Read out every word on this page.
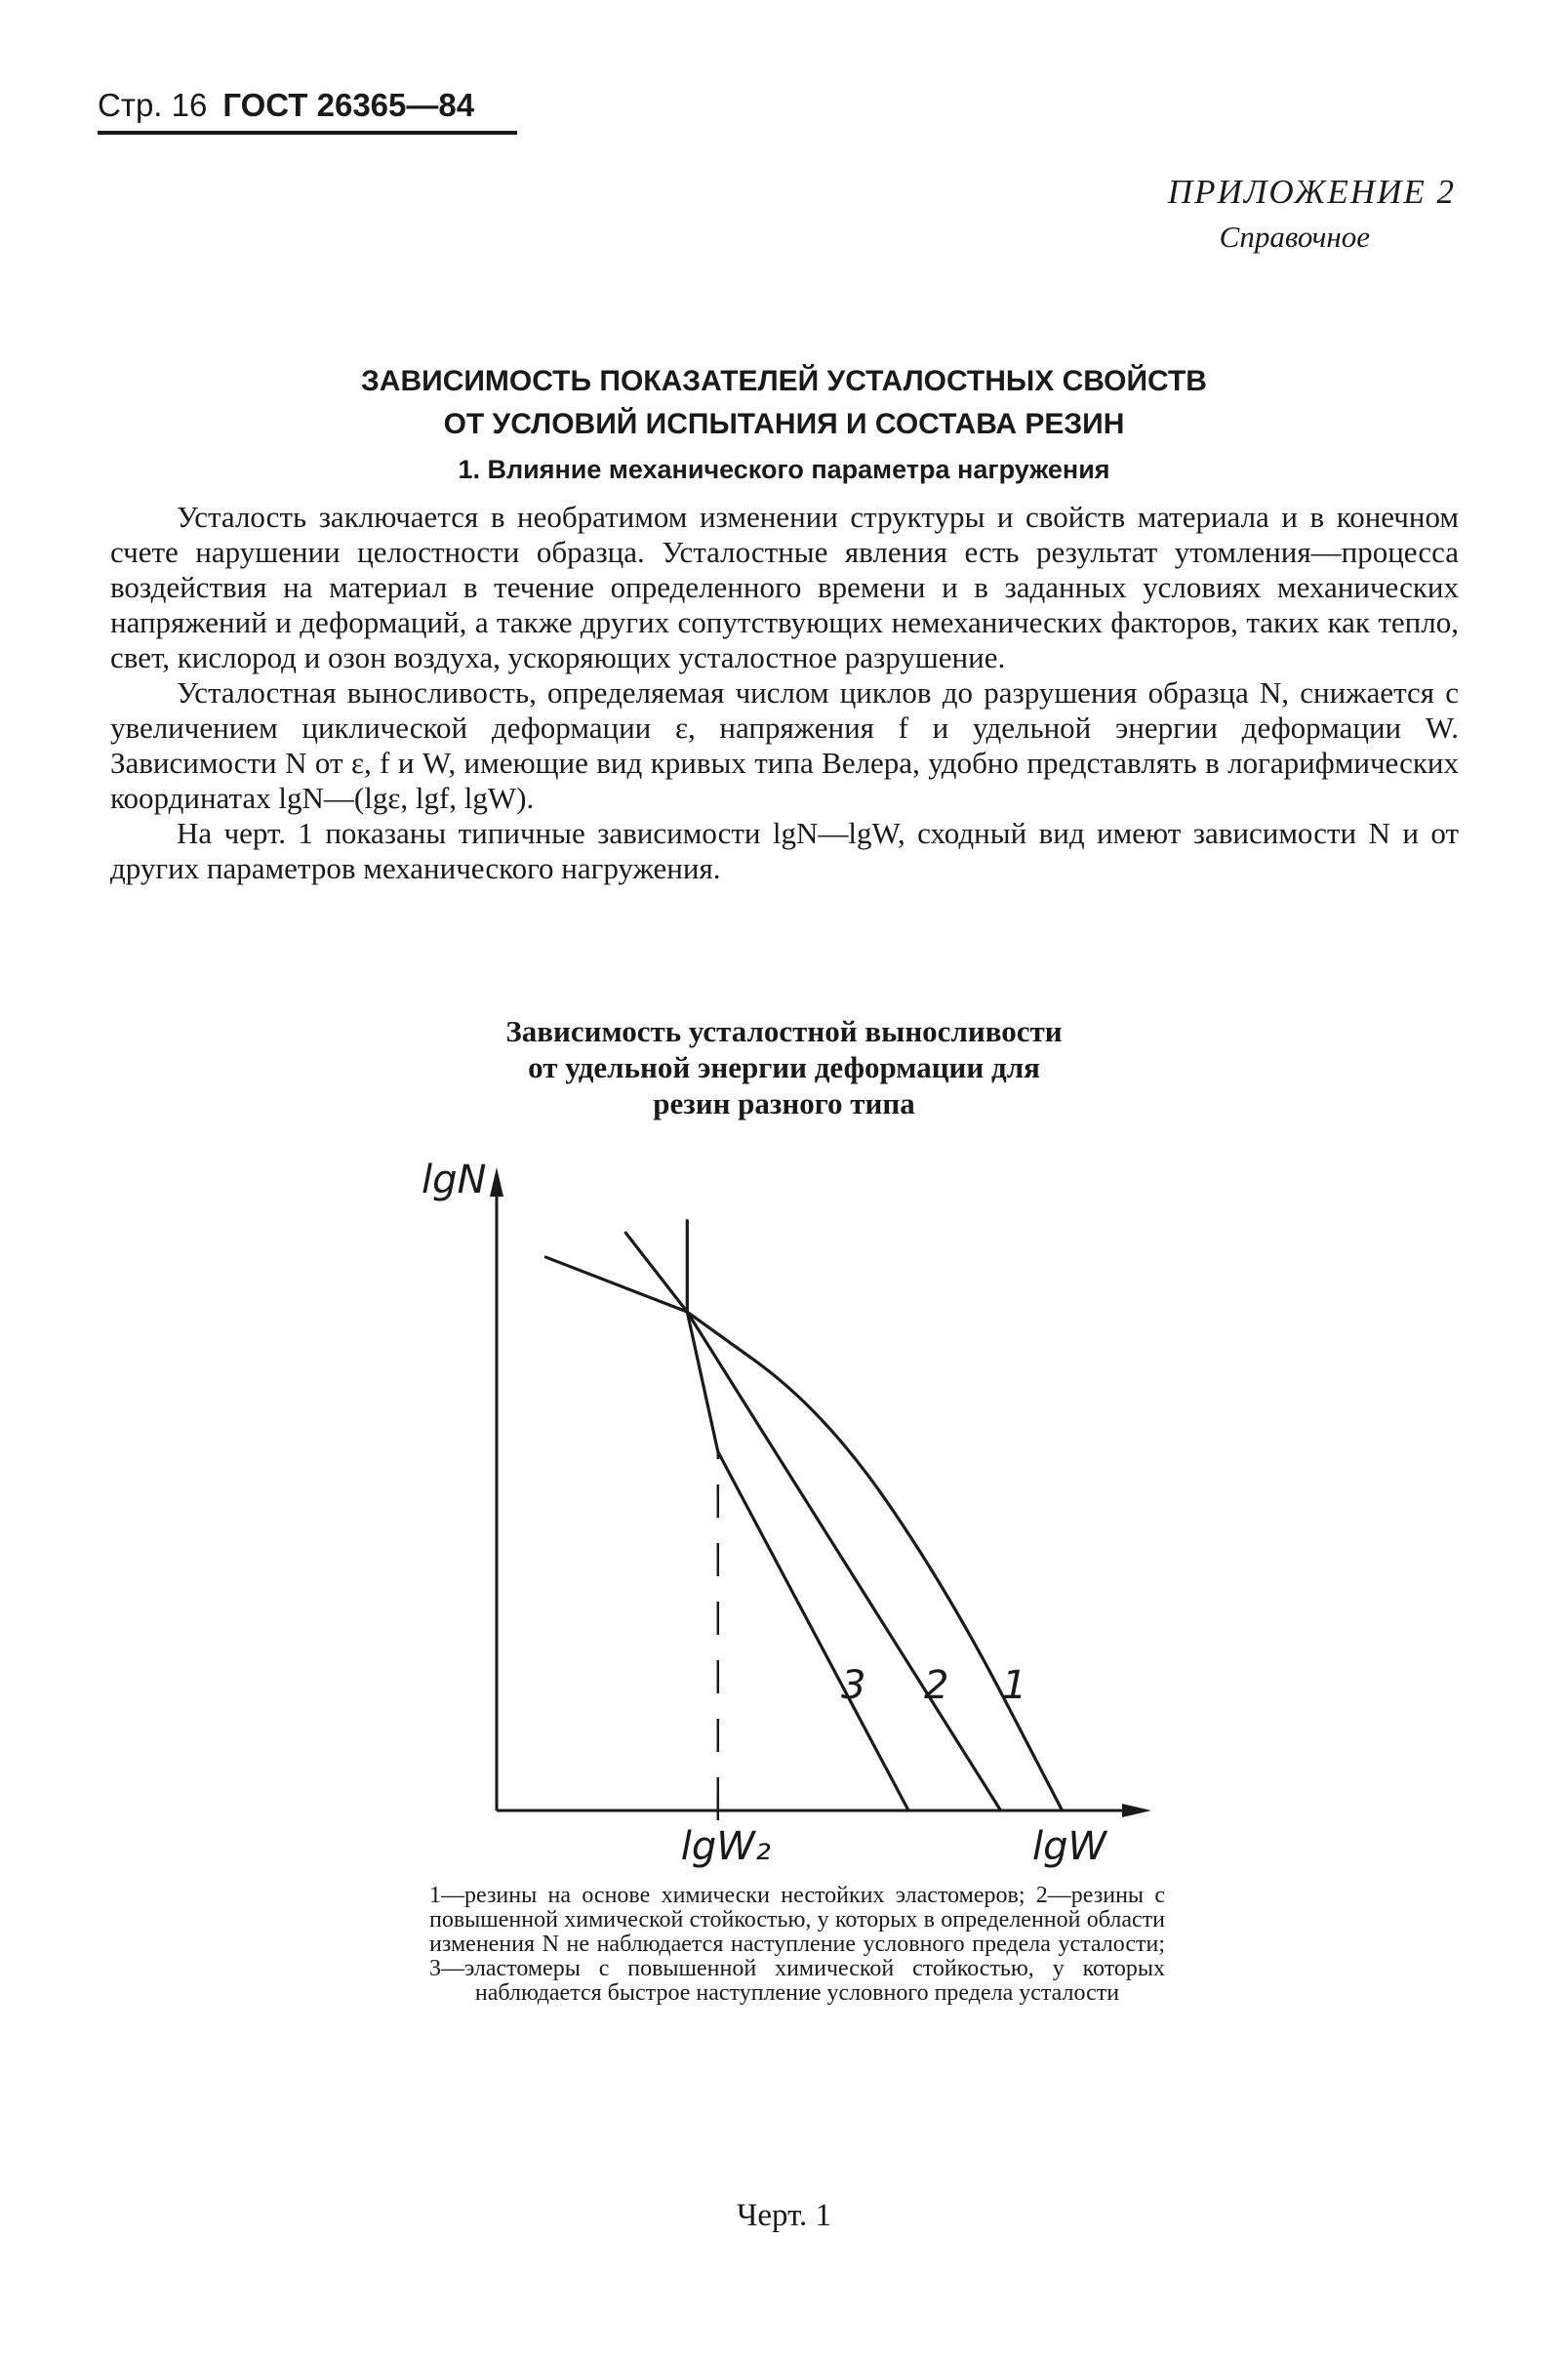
Стр. 16 ГОСТ 26365—84
ПРИЛОЖЕНИЕ 2
Справочное
ЗАВИСИМОСТЬ ПОКАЗАТЕЛЕЙ УСТАЛОСТНЫХ СВОЙСТВ
ОТ УСЛОВИЙ ИСПЫТАНИЯ И СОСТАВА РЕЗИН
1. Влияние механического параметра нагружения

Усталость заключается в необратимом изменении структуры и свойств материала и в конечном счете нарушении целостности образца. Усталостные явления есть результат утомления—процесса воздействия на материал в течение определенного времени и в заданных условиях механических напряжений и деформаций, а также других сопутствующих немеханических факторов, таких как тепло, свет, кислород и озон воздуха, ускоряющих усталостное разрушение.

Усталостная выносливость, определяемая числом циклов до разрушения образца N, снижается с увеличением циклической деформации ε, напряжения f и удельной энергии деформации W. Зависимости N от ε, f и W, имеющие вид кривых типа Велера, удобно представлять в логарифмических координатах lgN—(lgε, lgf, lgW).

На черт. 1 показаны типичные зависимости lgN—lgW, сходный вид имеют зависимости N и от других параметров механического нагружения.

Зависимость усталостной выносливости
от удельной энергии деформации для
резин разного типа
lgN
lgW
lgW₂
1
2
3
1—резины на основе химически нестойких эластомеров; 2—резины с повышенной химической стойкостью, у которых в определенной области изменения N не наблюдается наступление условного предела усталости; 3—эластомеры с повышенной химической стойкостью, у которых наблюдается быстрое наступление условного предела усталости
Черт. 1
